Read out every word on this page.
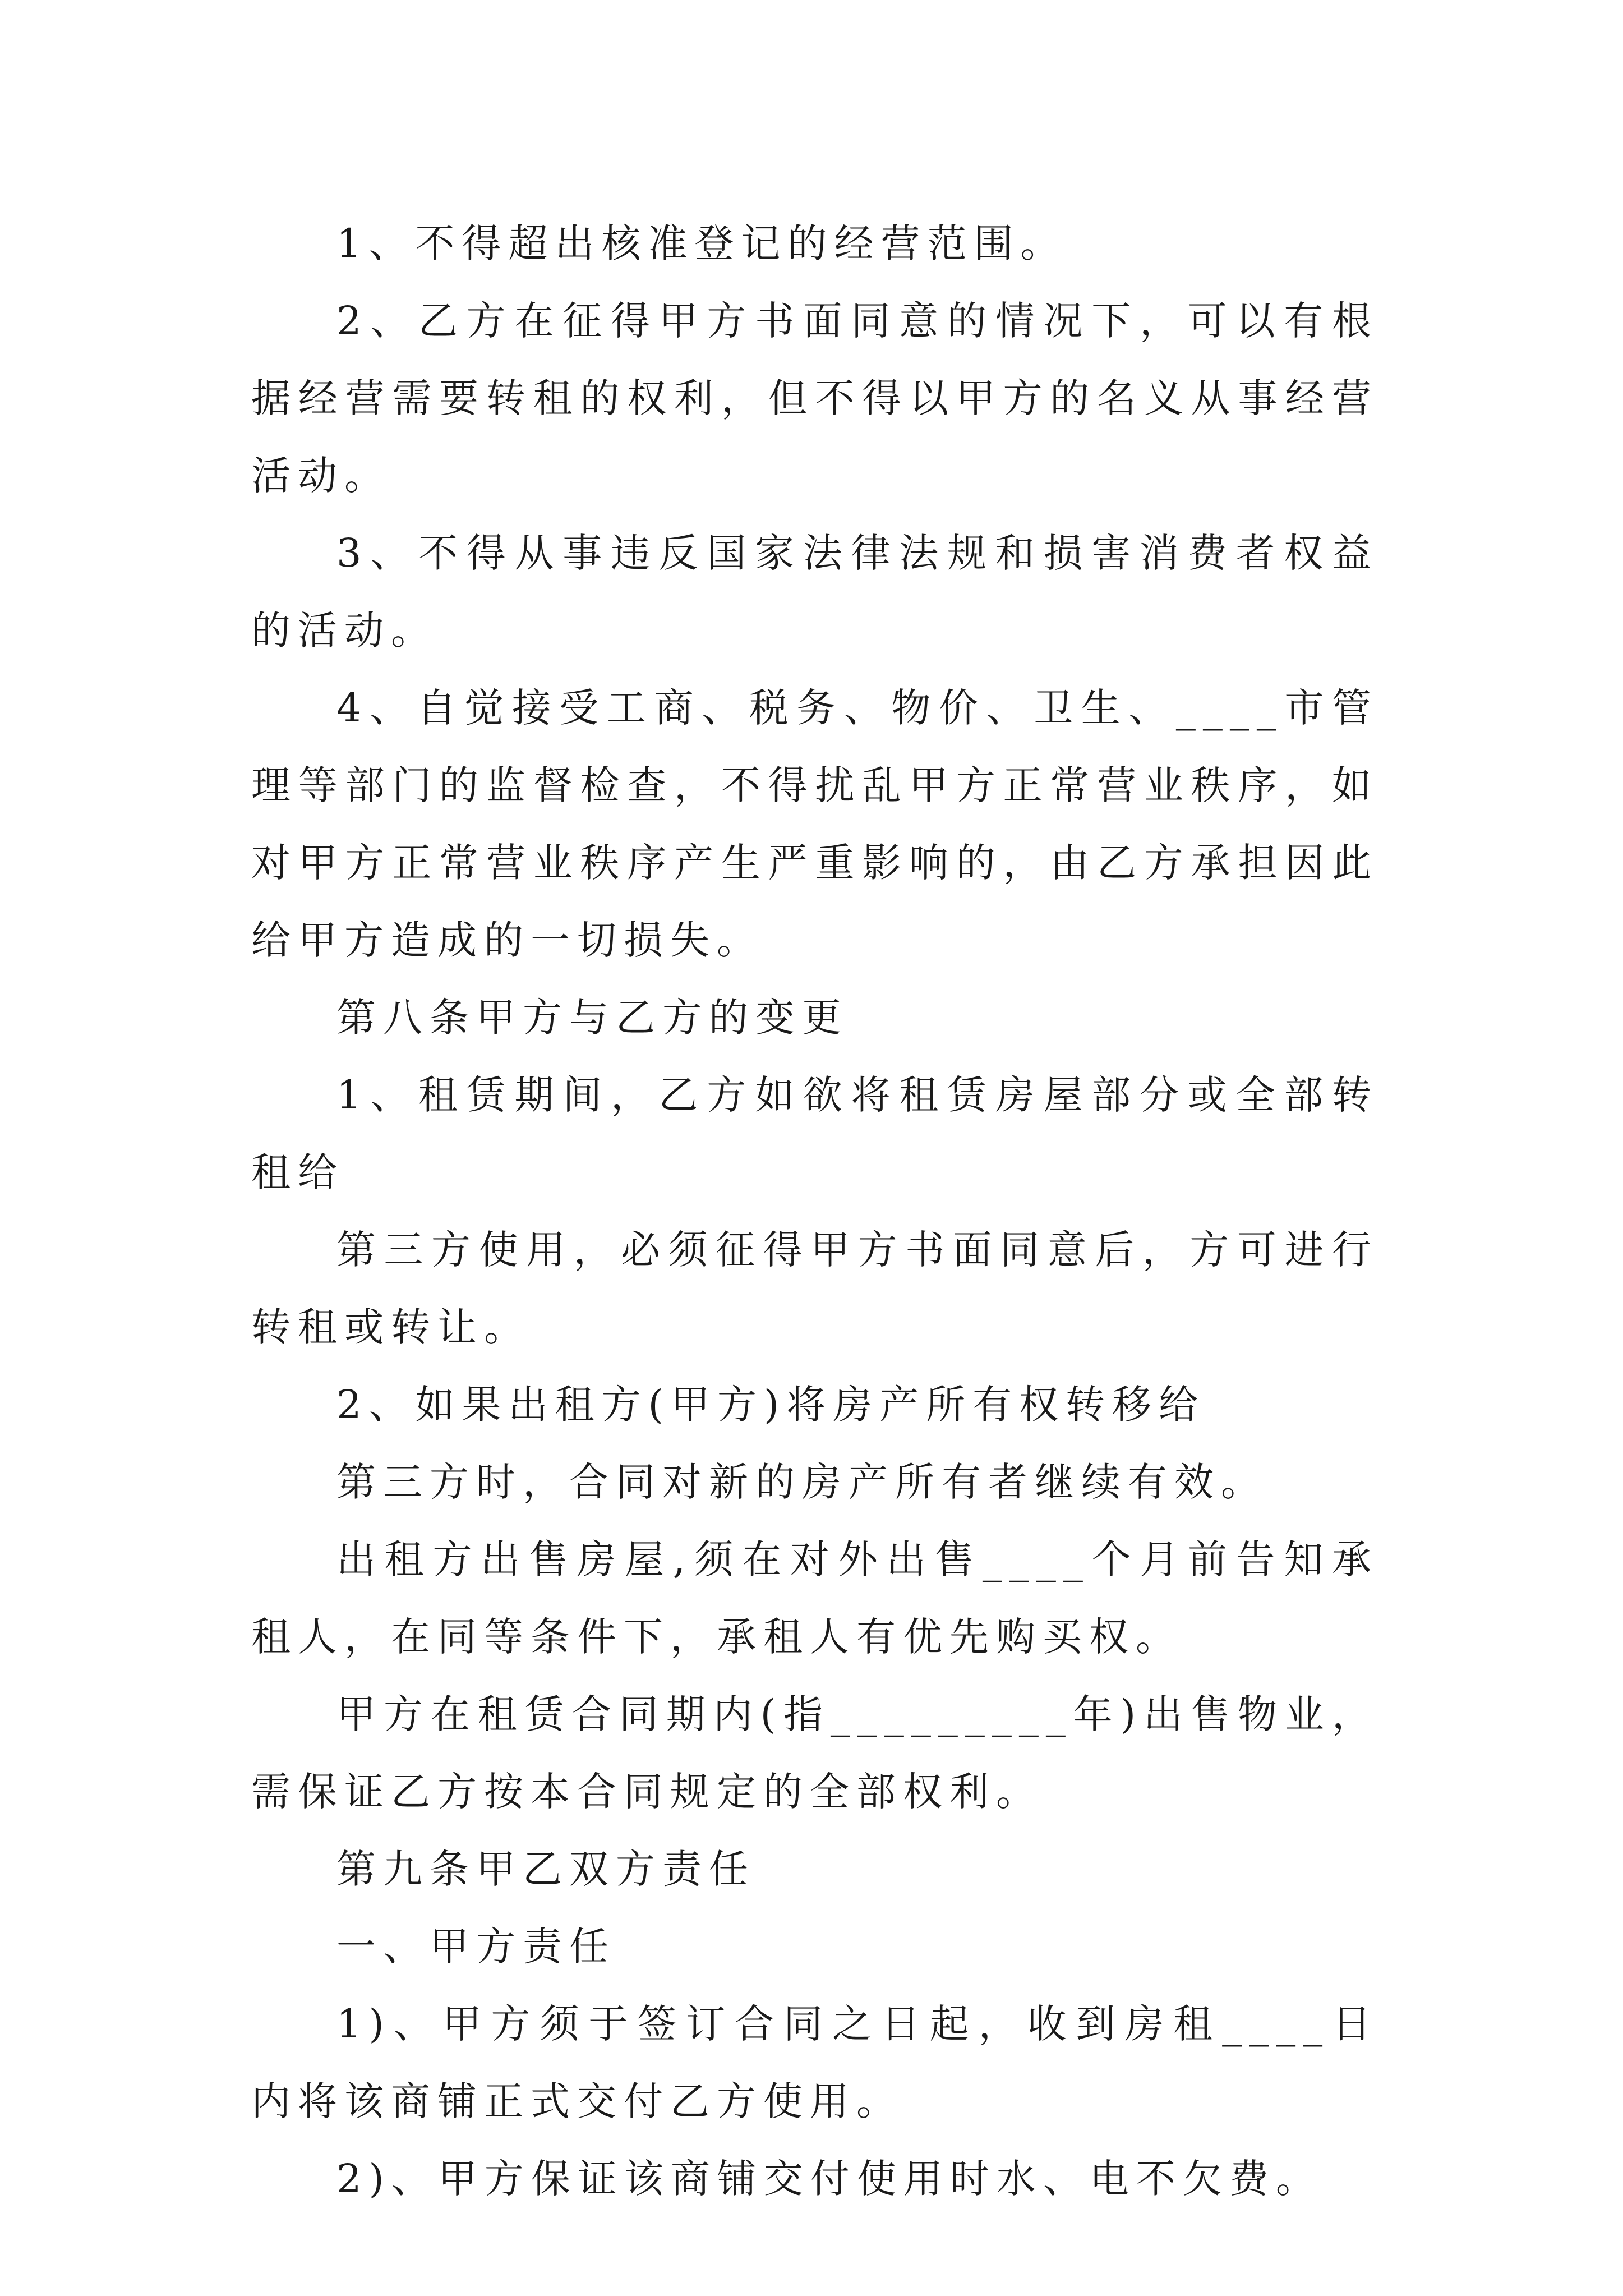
1、不得超出核准登记的经营范围。

2、乙方在征得甲方书面同意的情况下，可以有根据经营需要转租的权利，但不得以甲方的名义从事经营活动。

3、不得从事违反国家法律法规和损害消费者权益的活动。

4、自觉接受工商、税务、物价、卫生、____市管理等部门的监督检查，不得扰乱甲方正常营业秩序，如对甲方正常营业秩序产生严重影响的，由乙方承担因此给甲方造成的一切损失。

第八条甲方与乙方的变更

1、租赁期间，乙方如欲将租赁房屋部分或全部转租给

第三方使用，必须征得甲方书面同意后，方可进行转租或转让。

2、如果出租方(甲方)将房产所有权转移给

第三方时，合同对新的房产所有者继续有效。

出租方出售房屋,须在对外出售____个月前告知承租人，在同等条件下，承租人有优先购买权。

甲方在租赁合同期内(指_________年)出售物业，需保证乙方按本合同规定的全部权利。

第九条甲乙双方责任

一、甲方责任

1)、甲方须于签订合同之日起，收到房租____日内将该商铺正式交付乙方使用。

2)、甲方保证该商铺交付使用时水、电不欠费。
